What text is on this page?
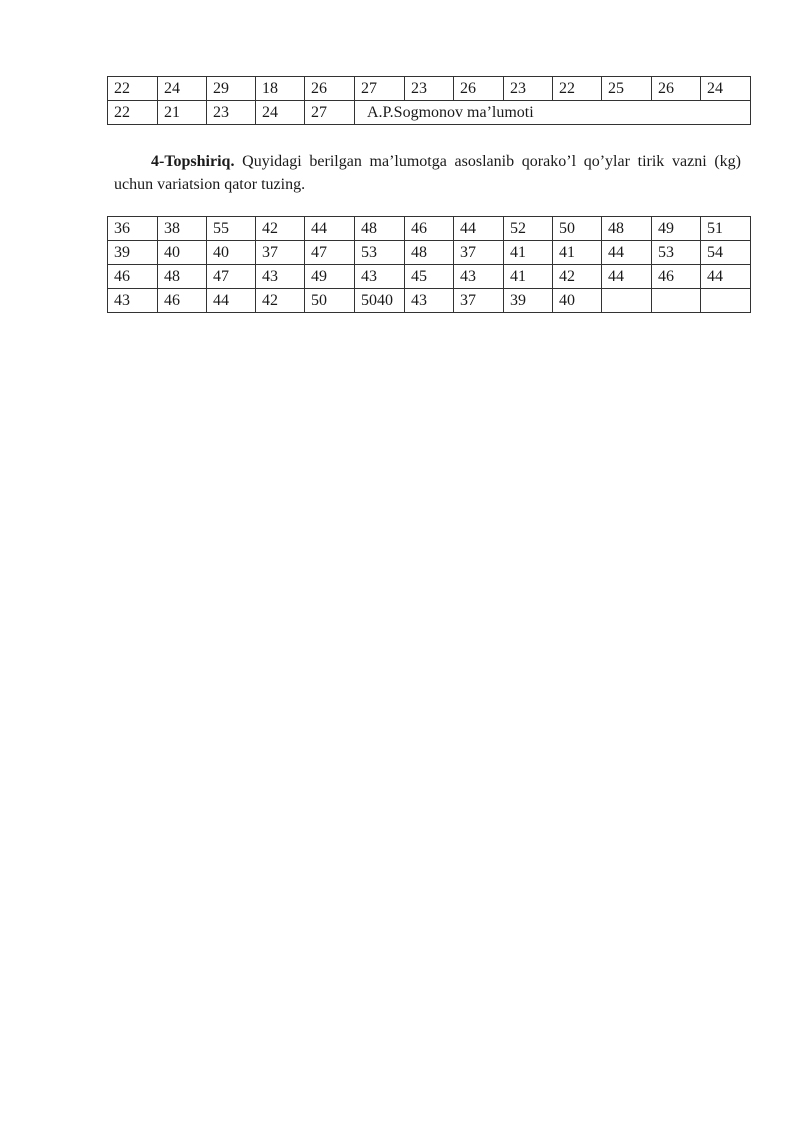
22	24	29	18	26	27	23	26	23	22	25	26	24
22	21	23	24	27	A.P.Sogmonov ma’lumoti							

4-Topshiriq. Quyidagi berilgan ma’lumotga asoslanib qorako’l qo’ylar tirik vazni (kg) uchun variatsion qator tuzing.

36	38	55	42	44	48	46	44	52	50	48	49	51
39	40	40	37	47	53	48	37	41	41	44	53	54
46	48	47	43	49	43	45	43	41	42	44	46	44
43	46	44	42	50	5040	43	37	39	40			
